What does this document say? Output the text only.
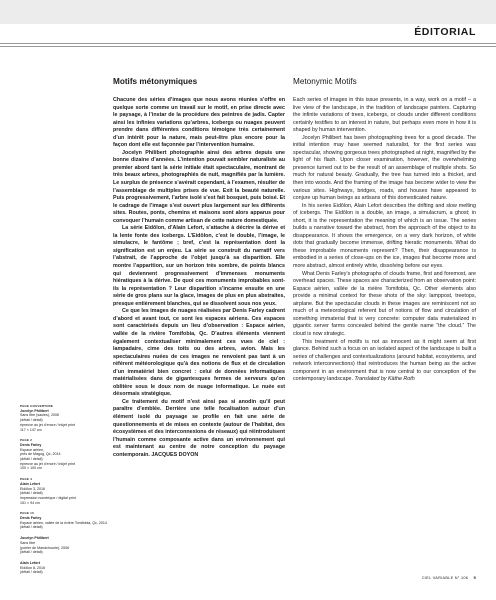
ÉDITORIAL
Motifs métonymiques	Metonymic Motifs

Chacune des séries d’images que nous avons réunies s’offre en quelque sorte comme un travail sur le motif, en prise directe avec le paysage, à l’instar de la procédure des peintres de jadis. Capter ainsi les infinies variations qu’arbres, icebergs ou nuages peuvent prendre dans différentes conditions témoigne très certainement d’un intérêt pour la nature, mais peut-être plus encore pour la façon dont elle est façonnée par l’intervention humaine.

Jocelyn Philibert photographie ainsi des arbres depuis une bonne dizaine d’années. L’intention pouvait sembler naturaliste au premier abord tant la série initiale était spectaculaire, montrant de très beaux arbres, photographiés de nuit, magnifiés par la lumière. Le surplus de présence s’avérait cependant, à l’examen, résulter de l’assemblage de multiples prises de vue. Exit la beauté naturelle. Puis progressivement, l’arbre isolé s’est fait bosquet, puis boisé. Et le cadrage de l’image s’est ouvert plus largement sur les différents sites. Routes, ponts, chemins et maisons sont alors apparus pour convoquer l’humain comme artisan de cette nature domestiquée.

La série Eidōlon, d’Alain Lefort, s’attache à décrire la dérive et la lente fonte des icebergs. L’Eidōlon, c’est le double, l’image, le simulacre, le fantôme ; bref, c’est la représentation dont la signification est un enjeu. La série se construit du narratif vers l’abstrait, de l’approche de l’objet jusqu’à sa disparition. Elle montre l’apparition, sur un horizon très sombre, de points blancs qui deviennent progressivement d’immenses monuments hiératiques à la dérive. De quoi ces monuments improbables sont-ils la représentation ? Leur disparition s’incarne ensuite en une série de gros plans sur la glace, images de plus en plus abstraites, presque entièrement blanches, qui se dissolvent sous nos yeux.

Ce que les images de nuages réalisées par Denis Farley cadrent d’abord et avant tout, ce sont les espaces aériens. Ces espaces sont caractérisés depuis un lieu d’observation : Espace aérien, vallée de la rivière Tomifobia, Qc. D’autres éléments viennent également contextualiser minimalement ces vues de ciel : lampadaire, cime des toits ou des arbres, avion. Mais les spectaculaires nuées de ces images ne renvoient pas tant à un référent météorologique qu’à des notions de flux et de circulation d’un immatériel bien concret : celui de données informatiques matérialisées dans de gigantesques fermes de serveurs qu’on oblitère sous le doux nom de nuage informatique. Le nuée est désormais stratégique.

Ce traitement du motif n’est ainsi pas si anodin qu’il peut paraître d’emblée. Derrière une telle focalisation autour d’un élément isolé du paysage se profile en fait une série de questionnements et de mises en contexte (autour de l’habitat, des écosystèmes et des interconnexions de réseaux) qui réintroduisent l’humain comme composante active dans un environnement qui est maintenant au centre de notre conception du paysage contemporain. JACQUES DOYON

Each series of images in this issue presents, in a way, work on a motif – a live view of the landscape, in the tradition of landscape painters. Capturing the infinite variations of trees, icebergs, or clouds under different conditions certainly testifies to an interest in nature, but perhaps even more in how it is shaped by human intervention.

Jocelyn Philibert has been photographing trees for a good decade. The initial intention may have seemed naturalist, for the first series was spectacular, showing gorgeous trees photographed at night, magnified by the light of his flash. Upon closer examination, however, the overwhelming presence turned out to be the result of an assemblage of multiple shots. So much for natural beauty. Gradually, the tree has turned into a thicket, and then into woods. And the framing of the image has become wider to view the various sites. Highways, bridges, roads, and houses have appeared to conjure up human beings as artisans of this domesticated nature.

In his series Eidōlon, Alain Lefort describes the drifting and slow melting of icebergs. The Eidōlon is a double, an image, a simulacrum, a ghost; in short, it is the representation the meaning of which is an issue. The series builds a narrative toward the abstract, from the approach of the object to its disappearance. It shows the emergence, on a very dark horizon, of white dots that gradually become immense, drifting hieratic monuments. What do these improbable monuments represent? Then, their disappearance is embodied in a series of close-ups on the ice, images that become more and more abstract, almost entirely white, dissolving before our eyes.

What Denis Farley’s photographs of clouds frame, first and foremost, are overhead spaces. These spaces are characterized from an observation point: Espace aérien, vallée de la rivière Tomifobia, Qc. Other elements also provide a minimal context for these shots of the sky: lamppost, treetops, airplane. But the spectacular clouds in these images are reminiscent not so much of a meteorological referent but of notions of flow and circulation of something immaterial that is very concrete: computer data materialized in gigantic server farms concealed behind the gentle name “the cloud.” The cloud is now strategic.

This treatment of motifs is not as innocent as it might seem at first glance. Behind such a focus on an isolated aspect of the landscape is built a series of challenges and contextualizations (around habitat, ecosystems, and network interconnections) that reintroduces the human being as the active component in an environment that is now central to our conception of the contemporary landscape. Translated by Käthe Roth

PAGE COUVERTURE
Jocelyn Philibert
Sans titre (saules), 2006
(détail / detail)
épreuve au jet d’encre / inkjet print
117 × 147 cm
PAGE 2
Denis Farley
Espace aérien,
près de Magog, Qc, 2014
(détail / detail)
épreuve au jet d’encre / inkjet print
100 × 100 cm
PAGE 4
Alain Lefort
Eidōlon 3, 2016
(détail / detail)
impression numérique / digital print
151 × 94 cm
PAGE 10
Denis Farley
Espace aérien, vallée de la rivière Tomifobia, Qc, 2014
(détail / detail)
Jocelyn Philibert
Sans titre
(poirier de Mandchourie), 2006
(détail / detail)
Alain Lefort
Eidōlon 8, 2016
(détail / detail)
CIEL VARIABLE N° 106 5
